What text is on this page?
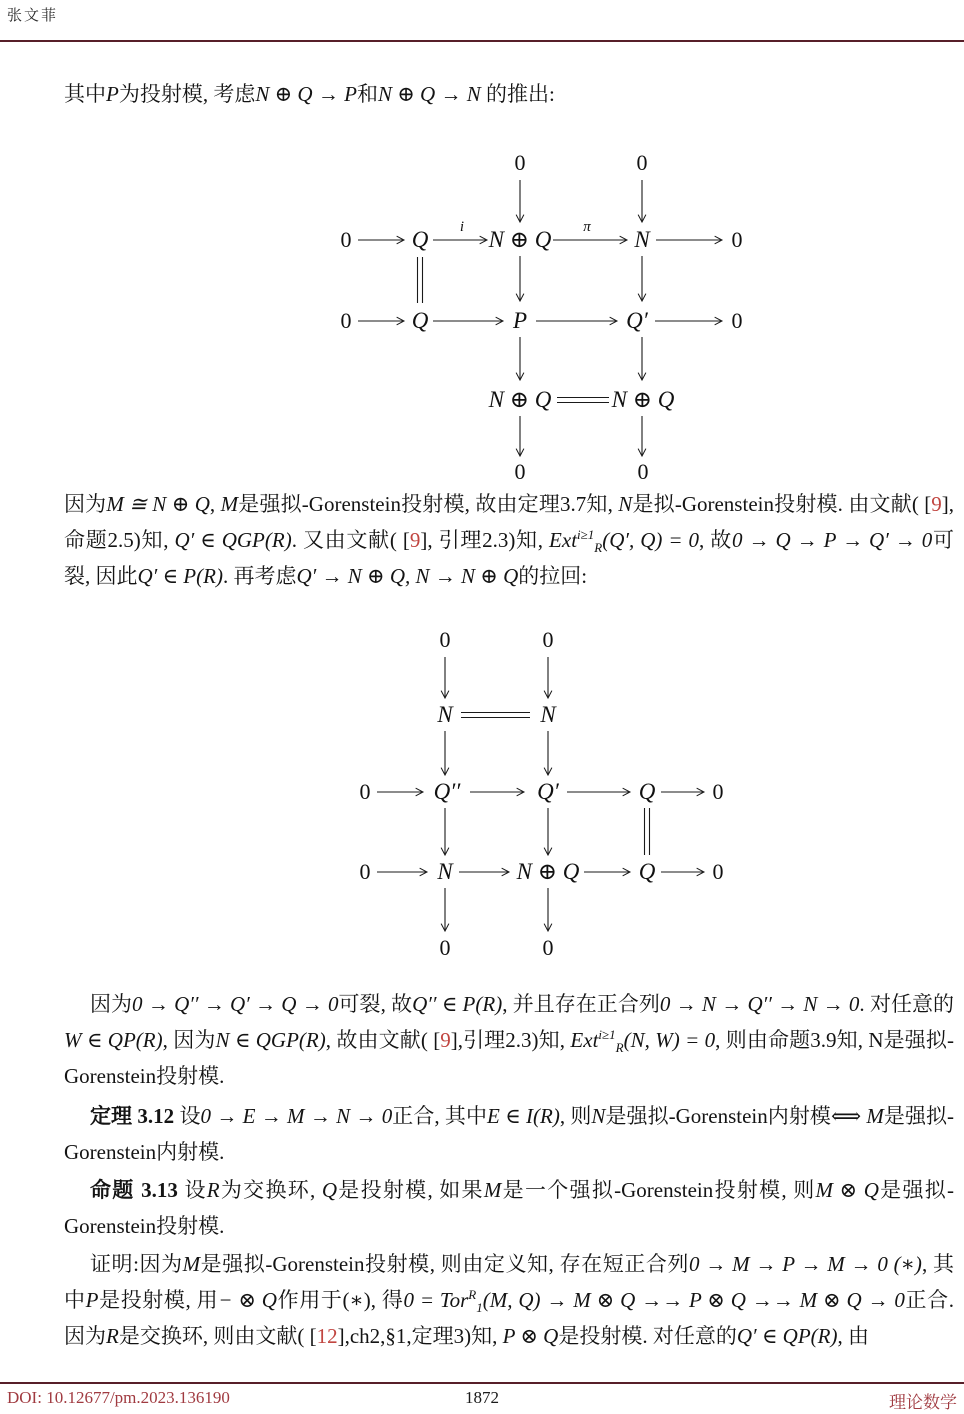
张文菲
其中P为投射模, 考虑N ⊕ Q → P和N ⊕ Q → N 的推出:
0	0
0	Q	N ⊕ Q	N	0
i	π
0	Q	P	Q′	0
N ⊕ Q	N ⊕ Q
0	0
因为M ≅ N ⊕ Q, M是强拟-Gorenstein投射模, 故由定理3.7知, N是拟-Gorenstein投射模. 由文献( [9],命题2.5)知, Q′ ∈ QGP(R). 又由文献( [9], 引理2.3)知, Ext$^{i\ge 1}_R$(Q′, Q) = 0, 故0 → Q → P → Q′ → 0可裂, 因此Q′ ∈ P(R). 再考虑Q′ → N ⊕ Q, N → N ⊕ Q的拉回:
0	0
N	N
0	Q′′	Q′	Q	0
0	N	N ⊕ Q	Q	0
0	0
因为0 → Q′′ → Q′ → Q → 0可裂, 故Q′′ ∈ P(R), 并且存在正合列0 → N → Q′′ → N → 0. 对任意的W ∈ QP(R), 因为N ∈ QGP(R), 故由文献( [9],引理2.3)知, Ext$^{i\ge 1}_R$(N, W) = 0, 则由命题3.9知, N是强拟-Gorenstein投射模.
定理 3.12 设0 → E → M → N → 0正合, 其中E ∈ I(R), 则N是强拟-Gorenstein内射模⟺ M是强拟-Gorenstein内射模.
命题 3.13 设R为交换环, Q是投射模, 如果M是一个强拟-Gorenstein投射模, 则M ⊗ Q是强拟-Gorenstein投射模.
证明:因为M是强拟-Gorenstein投射模, 则由定义知, 存在短正合列0 → M → P → M → 0 (∗), 其中P是投射模, 用− ⊗ Q作用于(∗), 得0 = Tor$^R_1$(M, Q) → M ⊗ Q →→ P ⊗ Q →→ M ⊗ Q → 0正合. 因为R是交换环, 则由文献( [12],ch2,§1,定理3)知, P ⊗ Q是投射模. 对任意的Q′ ∈ QP(R), 由
DOI: 10.12677/pm.2023.136190	1872	理论数学
